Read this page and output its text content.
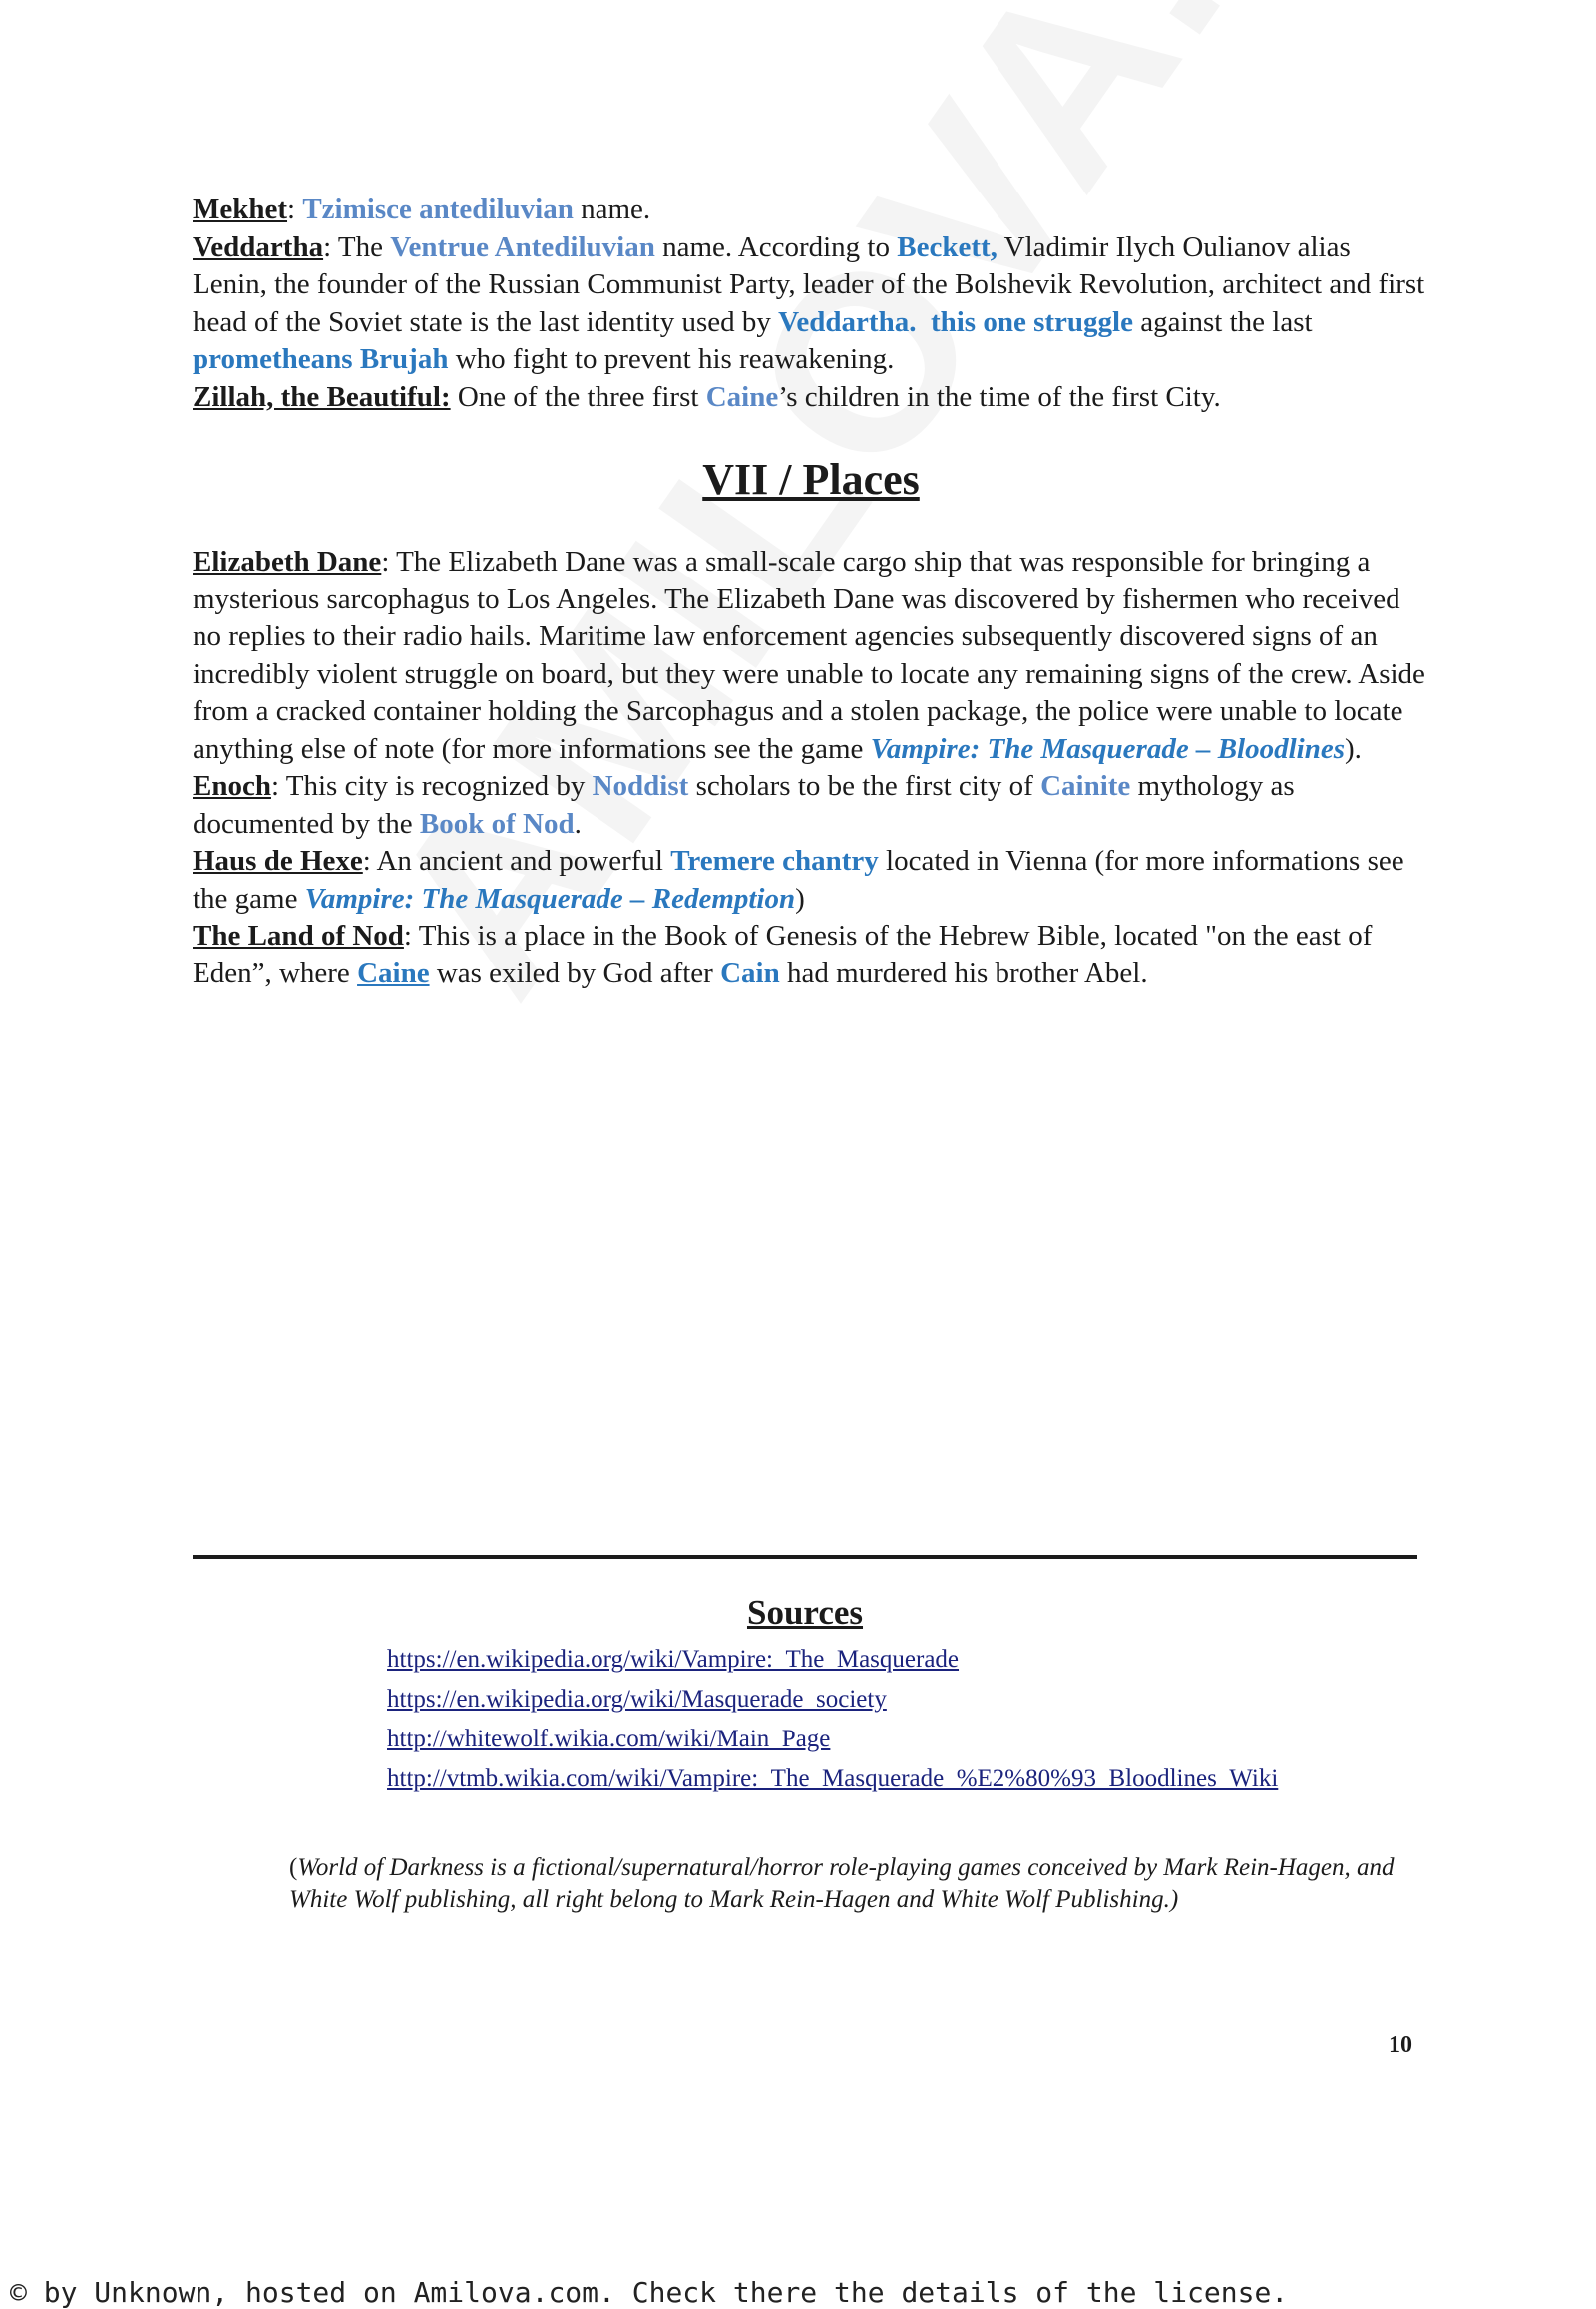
Mekhet: Tzimisce antediluvian name.

Veddartha: The Ventrue Antediluvian name. According to Beckett, Vladimir Ilych Oulianov alias Lenin, the founder of the Russian Communist Party, leader of the Bolshevik Revolution, architect and first head of the Soviet state is the last identity used by Veddartha. this one struggle against the last prometheans Brujah who fight to prevent his reawakening.

Zillah, the Beautiful: One of the three first Caine’s children in the time of the first City.

VII / Places

Elizabeth Dane: The Elizabeth Dane was a small-scale cargo ship that was responsible for bringing a mysterious sarcophagus to Los Angeles. The Elizabeth Dane was discovered by fishermen who received no replies to their radio hails. Maritime law enforcement agencies subsequently discovered signs of an incredibly violent struggle on board, but they were unable to locate any remaining signs of the crew. Aside from a cracked container holding the Sarcophagus and a stolen package, the police were unable to locate anything else of note (for more informations see the game Vampire: The Masquerade – Bloodlines).

Enoch: This city is recognized by Noddist scholars to be the first city of Cainite mythology as documented by the Book of Nod.

Haus de Hexe: An ancient and powerful Tremere chantry located in Vienna (for more informations see the game Vampire: The Masquerade – Redemption)

The Land of Nod: This is a place in the Book of Genesis of the Hebrew Bible, located "on the east of Eden”, where Caine was exiled by God after Cain had murdered his brother Abel.

Sources
https://en.wikipedia.org/wiki/Vampire:_The_Masquerade
https://en.wikipedia.org/wiki/Masquerade_society
http://whitewolf.wikia.com/wiki/Main_Page
http://vtmb.wikia.com/wiki/Vampire:_The_Masquerade_%E2%80%93_Bloodlines_Wiki
(World of Darkness is a fictional/supernatural/horror role-playing games conceived by Mark Rein-Hagen, and White Wolf publishing, all right belong to Mark Rein-Hagen and White Wolf Publishing.)
10
© by Unknown, hosted on Amilova.com. Check there the details of the license.
